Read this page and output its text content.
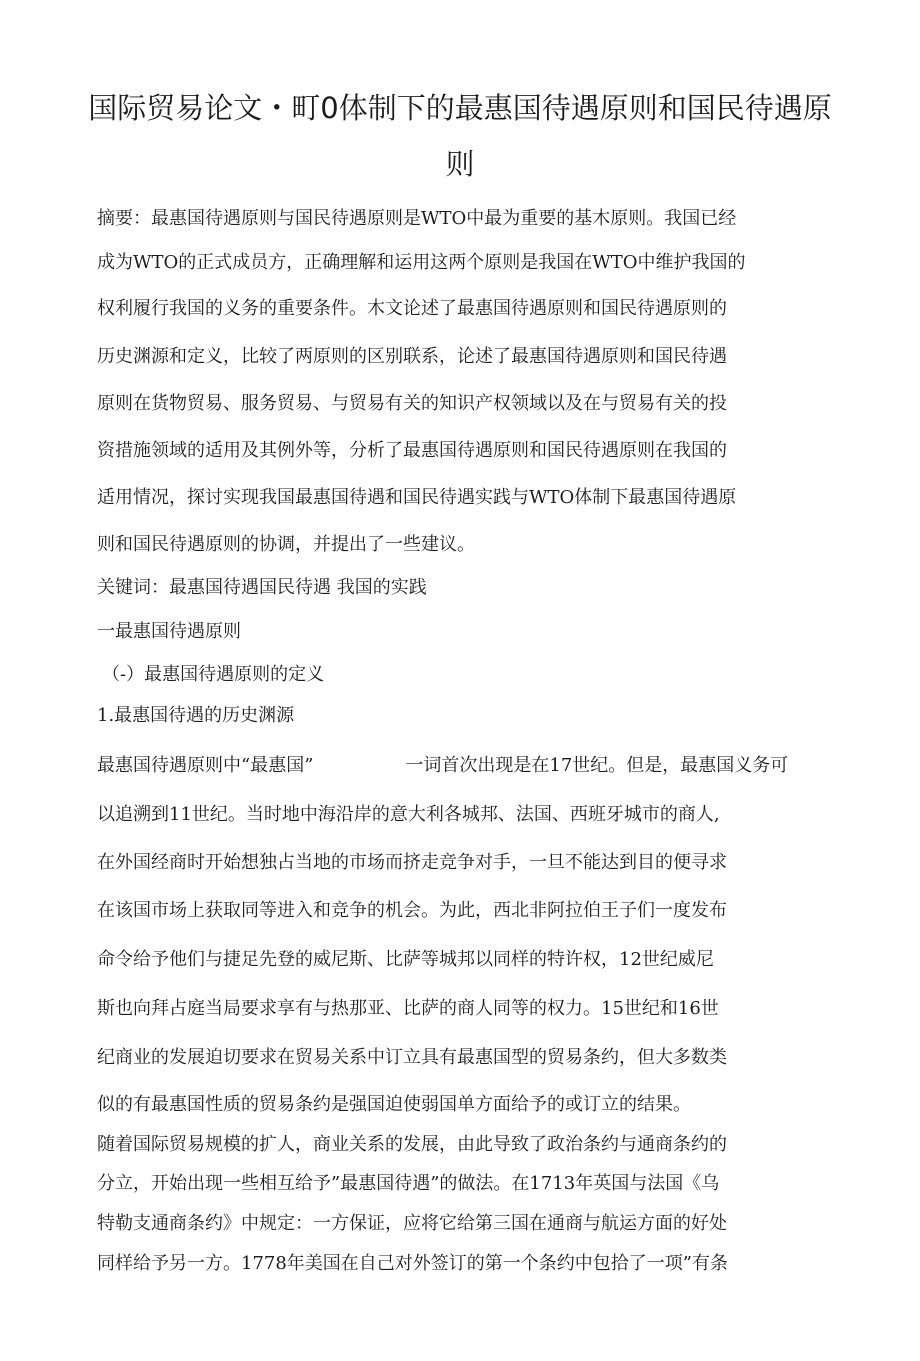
国际贸易论文・町0体制下的最惠国待遇原则和国民待遇原
则
摘要：最惠国待遇原则与国民待遇原则是WTO中最为重要的基木原则。我国已经
成为WTO的正式成员方，正确理解和运用这两个原则是我国在WTO中维护我国的
权利履行我国的义务的重要条件。木文论述了最惠国待遇原则和国民待遇原则的
历史渊源和定义，比较了两原则的区别联系，论述了最惠国待遇原则和国民待遇
原则在货物贸易、服务贸易、与贸易有关的知识产权领域以及在与贸易有关的投
资措施领域的适用及其例外等，分析了最惠国待遇原则和国民待遇原则在我国的
适用情况，探讨实现我国最惠国待遇和国民待遇实践与WTO体制下最惠国待遇原
则和国民待遇原则的协调，并提出了一些建议。
关键词：最惠国待遇国民待遇 我国的实践
一最惠国待遇原则
（-）最惠国待遇原则的定义
1.最惠国待遇的历史渊源
最惠国待遇原则中“最惠国”	一词首次出现是在17世纪。但是，最惠国义务可
以追溯到11世纪。当时地中海沿岸的意大利各城邦、法国、西班牙城市的商人,
在外国经商时开始想独占当地的市场而挤走竞争对手，一旦不能达到目的便寻求
在该国市场上获取同等进入和竞争的机会。为此，西北非阿拉伯王子们一度发布
命令给予他们与捷足先登的威尼斯、比萨等城邦以同样的特许权，12世纪威尼
斯也向拜占庭当局要求享有与热那亚、比萨的商人同等的权力。15世纪和16世
纪商业的发展迫切要求在贸易关系中订立具有最惠国型的贸易条约，但大多数类
似的有最惠国性质的贸易条约是强国迫使弱国单方面给予的或订立的结果。
随着国际贸易规模的扩人，商业关系的发展，由此导致了政治条约与通商条约的
分立，开始出现一些相互给予”最惠国待遇”的做法。在1713年英国与法国《乌
特勒支通商条约》中规定：一方保证，应将它给第三国在通商与航运方面的好处
同样给予另一方。1778年美国在自己对外签订的第一个条约中包拾了一项”有条
